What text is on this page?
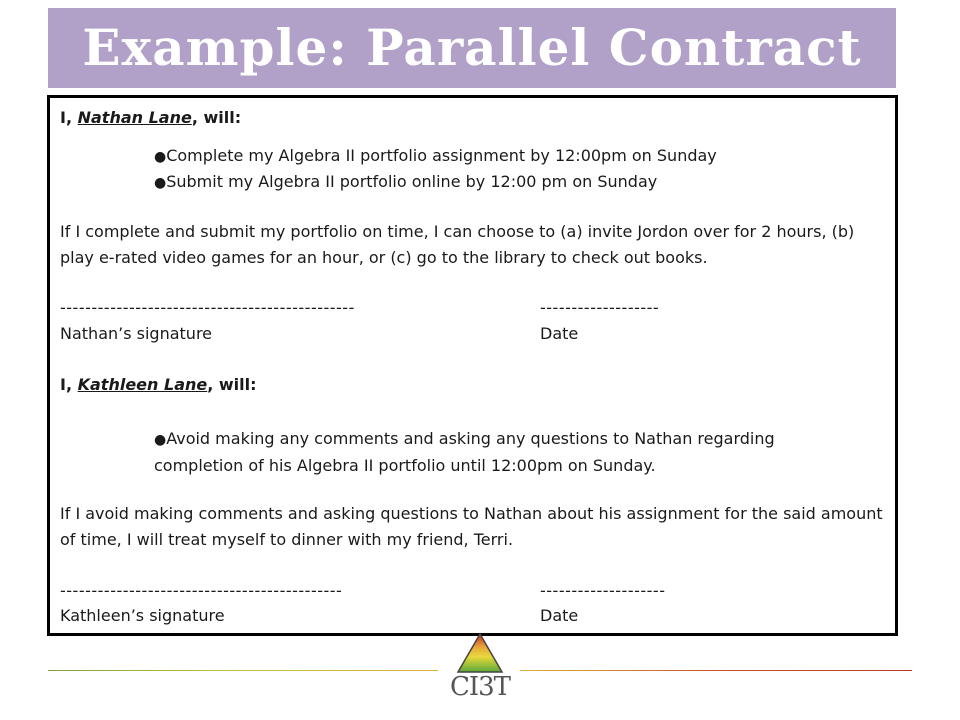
Example: Parallel Contract
I, Nathan Lane, will:
●Complete my Algebra II portfolio assignment by 12:00pm on Sunday
●Submit my Algebra II portfolio online by 12:00 pm on Sunday
If I complete and submit my portfolio on time, I can choose to (a) invite Jordon over for 2 hours, (b) play e-rated video games for an hour, or (c) go to the library to check out books.
-----------------------------------------------	-------------------
Nathan’s signature	Date
I, Kathleen Lane, will:
●Avoid making any comments and asking any questions to Nathan regarding completion of his Algebra II portfolio until 12:00pm on Sunday.
If I avoid making comments and asking questions to Nathan about his assignment for the said amount of time, I will treat myself to dinner with my friend, Terri.
---------------------------------------------	--------------------
Kathleen’s signature	Date
CI3T
